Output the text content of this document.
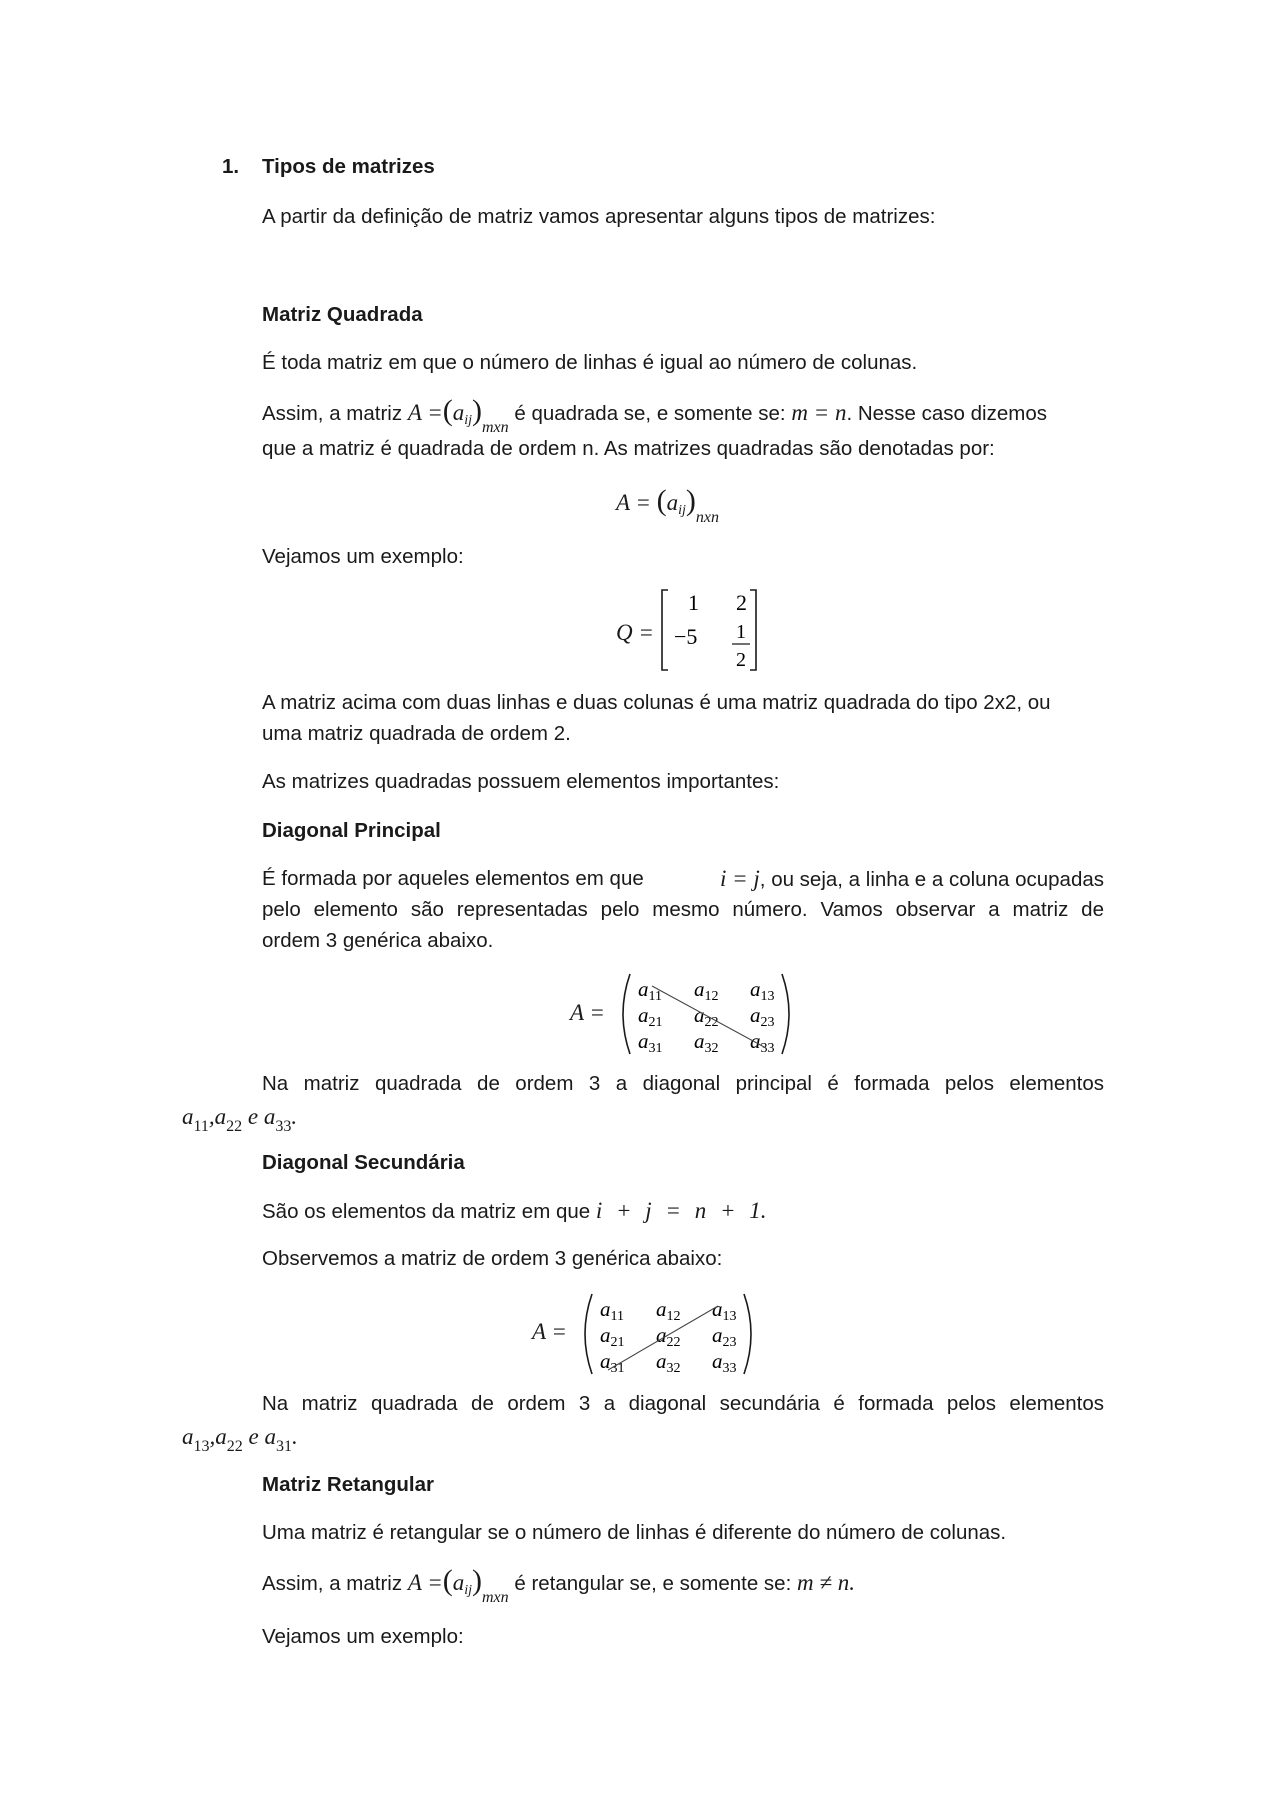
1. Tipos de matrizes
A partir da definição de matriz vamos apresentar alguns tipos de matrizes:
Matriz Quadrada
É toda matriz em que o número de linhas é igual ao número de colunas.
Assim, a matriz $A =(aij)_{mxn}$ é quadrada se, e somente se: m = n. Nesse caso dizemos
que a matriz é quadrada de ordem n. As matrizes quadradas são denotadas por:
$A = (aij)_{nxn}$
Vejamos um exemplo:
Q =
1 2
−5 1
2
A matriz acima com duas linhas e duas colunas é uma matriz quadrada do tipo 2x2, ou
uma matriz quadrada de ordem 2.
As matrizes quadradas possuem elementos importantes:
Diagonal Principal
É formada por aqueles elementos em que	i = j, ou seja, a linha e a coluna ocupadas
pelo elemento são representadas pelo mesmo número. Vamos observar a matriz de
ordem 3 genérica abaixo.
A =
a11 a12 a13
a21 a22 a23
a31 a32 a33
Na matriz quadrada de ordem 3 a diagonal principal é formada pelos elementos
$a_{11},a_{22}$ e $a_{33}$.
Diagonal Secundária
São os elementos da matriz em que i + j = n + 1.
Observemos a matriz de ordem 3 genérica abaixo:
A =
a11 a12 a13
a21 a22 a23
a31 a32 a33
Na matriz quadrada de ordem 3 a diagonal secundária é formada pelos elementos
$a_{13},a_{22}$ e $a_{31}$.
Matriz Retangular
Uma matriz é retangular se o número de linhas é diferente do número de colunas.
Assim, a matriz $A =(aij)_{mxn}$ é retangular se, e somente se: m ≠ n.
Vejamos um exemplo:
